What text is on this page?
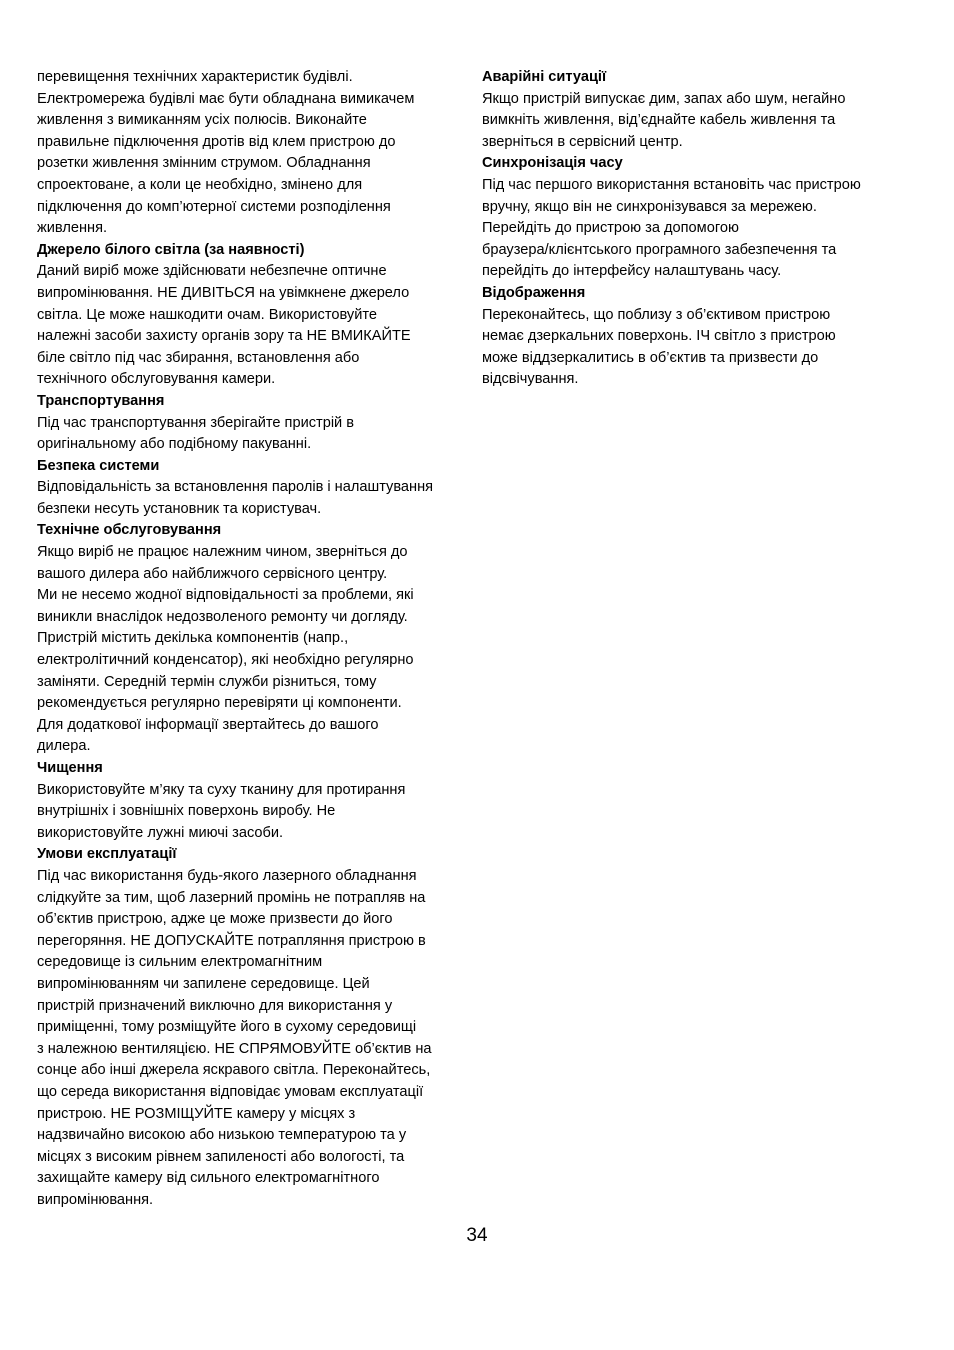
перевищення технічних характеристик будівлі.
Електромережа будівлі має бути обладнана вимикачем
живлення з вимиканням усіх полюсів. Виконайте
правильне підключення дротів від клем пристрою до
розетки живлення змінним струмом. Обладнання
спроектоване, а коли це необхідно, змінено для
підключення до комп’ютерної системи розподілення
живлення.
Джерело білого світла (за наявності)
Даний виріб може здійснювати небезпечне оптичне
випромінювання. НЕ ДИВІТЬСЯ на увімкнене джерело
світла. Це може нашкодити очам. Використовуйте
належні засоби захисту органів зору та НЕ ВМИКАЙТЕ
біле світло під час збирання, встановлення або
технічного обслуговування камери.
Транспортування
Під час транспортування зберігайте пристрій в
оригінальному або подібному пакуванні.
Безпека системи
Відповідальність за встановлення паролів і налаштування
безпеки несуть установник та користувач.
Технічне обслуговування
Якщо виріб не працює належним чином, зверніться до
вашого дилера або найближчого сервісного центру.
Ми не несемо жодної відповідальності за проблеми, які
виникли внаслідок недозволеного ремонту чи догляду.
Пристрій містить декілька компонентів (напр.,
електролітичний конденсатор), які необхідно регулярно
заміняти. Середній термін служби різниться, тому
рекомендується регулярно перевіряти ці компоненти.
Для додаткової інформації звертайтесь до вашого
дилера.
Чищення
Використовуйте м’яку та суху тканину для протирання
внутрішніх і зовнішніх поверхонь виробу. Не
використовуйте лужні миючі засоби.
Умови експлуатації
Під час використання будь-якого лазерного обладнання
слідкуйте за тим, щоб лазерний промінь не потрапляв на
об’єктив пристрою, адже це може призвести до його
перегоряння. НЕ ДОПУСКАЙТЕ потрапляння пристрою в
середовище із сильним електромагнітним
випромінюванням чи запилене середовище. Цей
пристрій призначений виключно для використання у
приміщенні, тому розміщуйте його в сухому середовищі
з належною вентиляцією. НЕ СПРЯМОВУЙТЕ об’єктив на
сонце або інші джерела яскравого світла. Переконайтесь,
що середа використання відповідає умовам експлуатації
пристрою. НЕ РОЗМІЩУЙТЕ камеру у місцях з
надзвичайно високою або низькою температурою та у
місцях з високим рівнем запиленості або вологості, та
захищайте камеру від сильного електромагнітного
випромінювання.
Аварійні ситуації
Якщо пристрій випускає дим, запах або шум, негайно
вимкніть живлення, від’єднайте кабель живлення та
зверніться в сервісний центр.
Синхронізація часу
Під час першого використання встановіть час пристрою
вручну, якщо він не синхронізувався за мережею.
Перейдіть до пристрою за допомогою
браузера/клієнтського програмного забезпечення та
перейдіть до інтерфейсу налаштувань часу.
Відображення
Переконайтесь, що поблизу з об’єктивом пристрою
немає дзеркальних поверхонь. ІЧ світло з пристрою
може віддзеркалитись в об’єктив та призвести до
відсвічування.
34
